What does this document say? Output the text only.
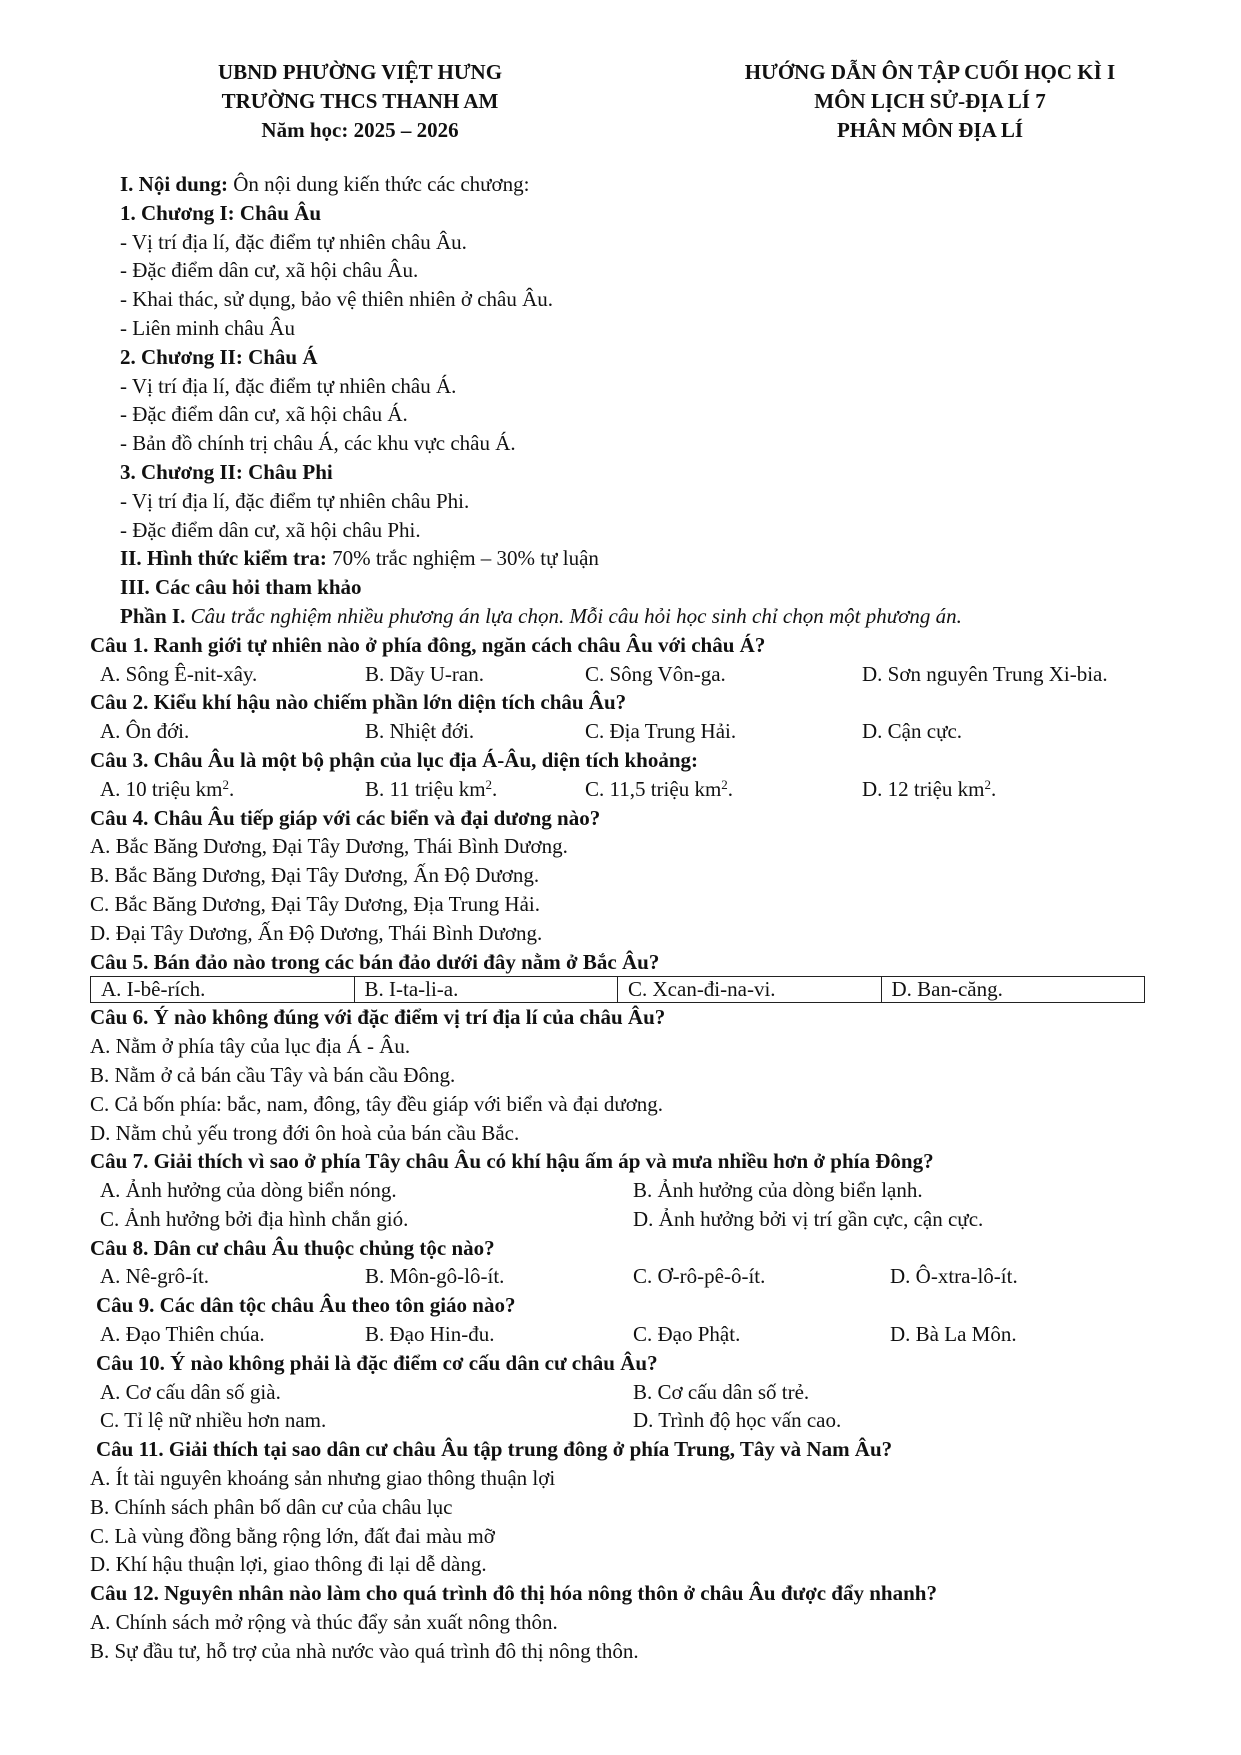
UBND PHƯỜNG VIỆT HƯNG
TRƯỜNG THCS THANH AM
Năm học: 2025 – 2026
HƯỚNG DẪN ÔN TẬP CUỐI HỌC KÌ I
MÔN LỊCH SỬ-ĐỊA LÍ 7
PHÂN MÔN ĐỊA LÍ
I. Nội dung: Ôn nội dung kiến thức các chương:
1. Chương I: Châu Âu
- Vị trí địa lí, đặc điểm tự nhiên châu Âu.
- Đặc điểm dân cư, xã hội châu Âu.
- Khai thác, sử dụng, bảo vệ thiên nhiên ở châu Âu.
- Liên minh châu Âu
2. Chương II: Châu Á
- Vị trí địa lí, đặc điểm tự nhiên châu Á.
- Đặc điểm dân cư, xã hội châu Á.
- Bản đồ chính trị châu Á, các khu vực châu Á.
3. Chương II: Châu Phi
- Vị trí địa lí, đặc điểm tự nhiên châu Phi.
- Đặc điểm dân cư, xã hội châu Phi.
II. Hình thức kiểm tra: 70% trắc nghiệm – 30% tự luận
III. Các câu hỏi tham khảo
Phần I. Câu trắc nghiệm nhiều phương án lựa chọn. Mỗi câu hỏi học sinh chỉ chọn một phương án.
Câu 1. Ranh giới tự nhiên nào ở phía đông, ngăn cách châu Âu với châu Á?
A. Sông Ê-nit-xây.	B. Dãy U-ran.	C. Sông Vôn-ga.	D. Sơn nguyên Trung Xi-bia.
Câu 2. Kiểu khí hậu nào chiếm phần lớn diện tích châu Âu?
A. Ôn đới.	B. Nhiệt đới.	C. Địa Trung Hải.	D. Cận cực.
Câu 3. Châu Âu là một bộ phận của lục địa Á-Âu, diện tích khoảng:
A. 10 triệu $km^2$.	B. 11 triệu $km^2$.	C. 11,5 triệu $km^2$.	D. 12 triệu $km^2$.
Câu 4. Châu Âu tiếp giáp với các biển và đại dương nào?
A. Bắc Băng Dương, Đại Tây Dương, Thái Bình Dương.
B. Bắc Băng Dương, Đại Tây Dương, Ấn Độ Dương.
C. Bắc Băng Dương, Đại Tây Dương, Địa Trung Hải.
D. Đại Tây Dương, Ấn Độ Dương, Thái Bình Dương.
Câu 5. Bán đảo nào trong các bán đảo dưới đây nằm ở Bắc Âu?
A. I-bê-rích.	B. I-ta-li-a.	C. Xcan-đi-na-vi.	D. Ban-căng.
Câu 6. Ý nào không đúng với đặc điểm vị trí địa lí của châu Âu?
A. Nằm ở phía tây của lục địa Á - Âu.
B. Nằm ở cả bán cầu Tây và bán cầu Đông.
C. Cả bốn phía: bắc, nam, đông, tây đều giáp với biển và đại dương.
D. Nằm chủ yếu trong đới ôn hoà của bán cầu Bắc.
Câu 7. Giải thích vì sao ở phía Tây châu Âu có khí hậu ấm áp và mưa nhiều hơn ở phía Đông?
A. Ảnh hưởng của dòng biển nóng.	B. Ảnh hưởng của dòng biển lạnh.
C. Ảnh hưởng bởi địa hình chắn gió.	D. Ảnh hưởng bởi vị trí gần cực, cận cực.
Câu 8. Dân cư châu Âu thuộc chủng tộc nào?
A. Nê-grô-ít.	B. Môn-gô-lô-ít.	C. Ơ-rô-pê-ô-ít.	D. Ô-xtra-lô-ít.
Câu 9. Các dân tộc châu Âu theo tôn giáo nào?
A. Đạo Thiên chúa.	B. Đạo Hin-đu.	C. Đạo Phật.	D. Bà La Môn.
Câu 10. Ý nào không phải là đặc điểm cơ cấu dân cư châu Âu?
A. Cơ cấu dân số già.	B. Cơ cấu dân số trẻ.
C. Tỉ lệ nữ nhiều hơn nam.	D. Trình độ học vấn cao.
Câu 11. Giải thích tại sao dân cư châu Âu tập trung đông ở phía Trung, Tây và Nam Âu?
A. Ít tài nguyên khoáng sản nhưng giao thông thuận lợi
B. Chính sách phân bố dân cư của châu lục
C. Là vùng đồng bằng rộng lớn, đất đai màu mỡ
D. Khí hậu thuận lợi, giao thông đi lại dễ dàng.
Câu 12. Nguyên nhân nào làm cho quá trình đô thị hóa nông thôn ở châu Âu được đẩy nhanh?
A. Chính sách mở rộng và thúc đẩy sản xuất nông thôn.
B. Sự đầu tư, hỗ trợ của nhà nước vào quá trình đô thị nông thôn.
